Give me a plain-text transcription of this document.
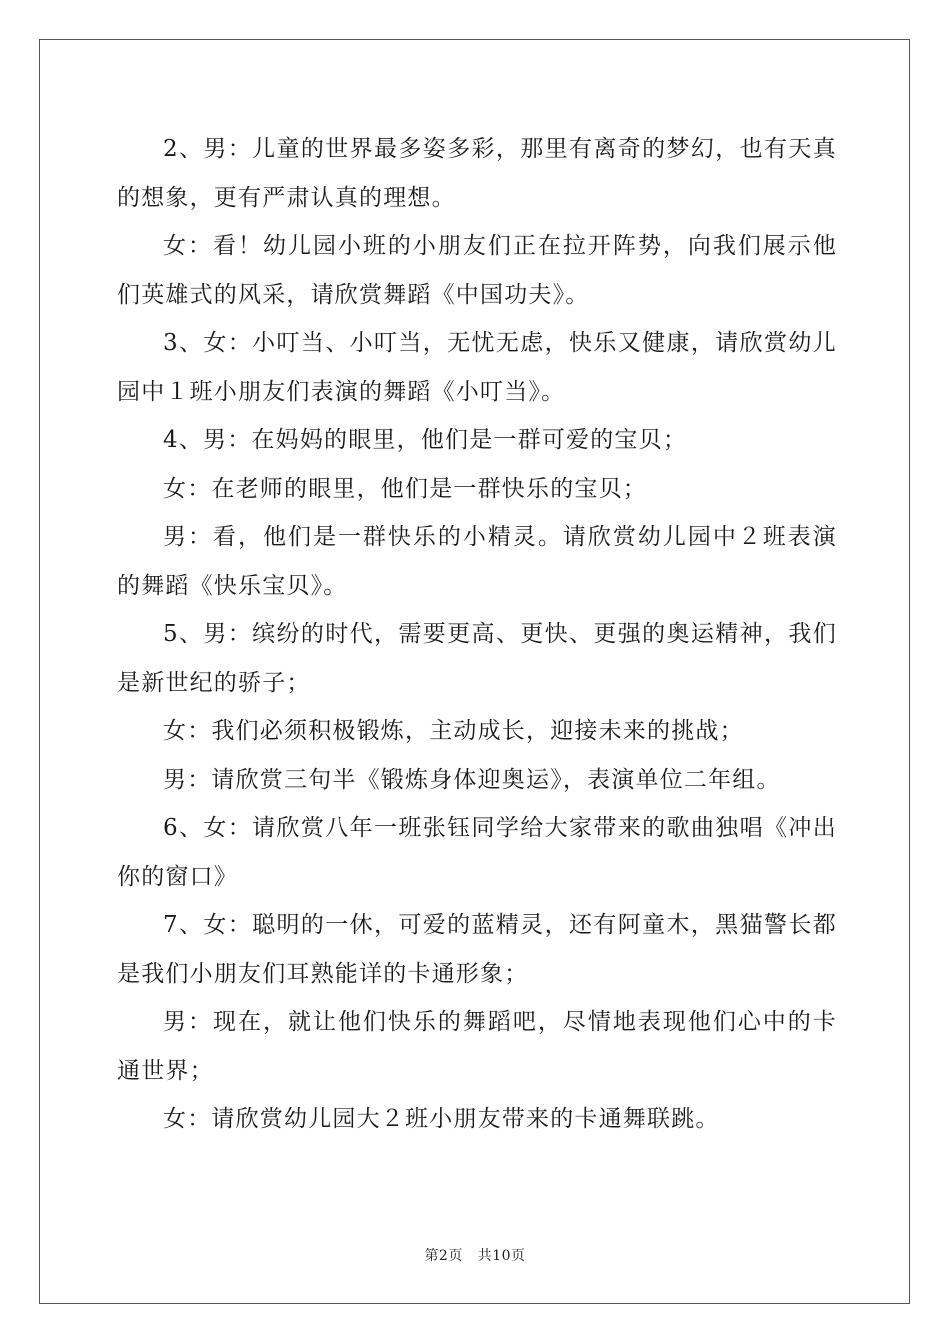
2、男：儿童的世界最多姿多彩，那里有离奇的梦幻，也有天真的想象，更有严肃认真的理想。

女：看！幼儿园小班的小朋友们正在拉开阵势，向我们展示他们英雄式的风采，请欣赏舞蹈《中国功夫》。

3、女：小叮当、小叮当，无忧无虑，快乐又健康，请欣赏幼儿园中１班小朋友们表演的舞蹈《小叮当》。

4、男：在妈妈的眼里，他们是一群可爱的宝贝；

女：在老师的眼里，他们是一群快乐的宝贝；

男：看，他们是一群快乐的小精灵。请欣赏幼儿园中２班表演的舞蹈《快乐宝贝》。

5、男：缤纷的时代，需要更高、更快、更强的奥运精神，我们是新世纪的骄子；

女：我们必须积极锻炼，主动成长，迎接未来的挑战；

男：请欣赏三句半《锻炼身体迎奥运》，表演单位二年组。

6、女：请欣赏八年一班张钰同学给大家带来的歌曲独唱《冲出你的窗口》

7、女：聪明的一休，可爱的蓝精灵，还有阿童木，黑猫警长都是我们小朋友们耳熟能详的卡通形象；

男：现在，就让他们快乐的舞蹈吧，尽情地表现他们心中的卡通世界；

女：请欣赏幼儿园大２班小朋友带来的卡通舞联跳。

第2页 共10页
